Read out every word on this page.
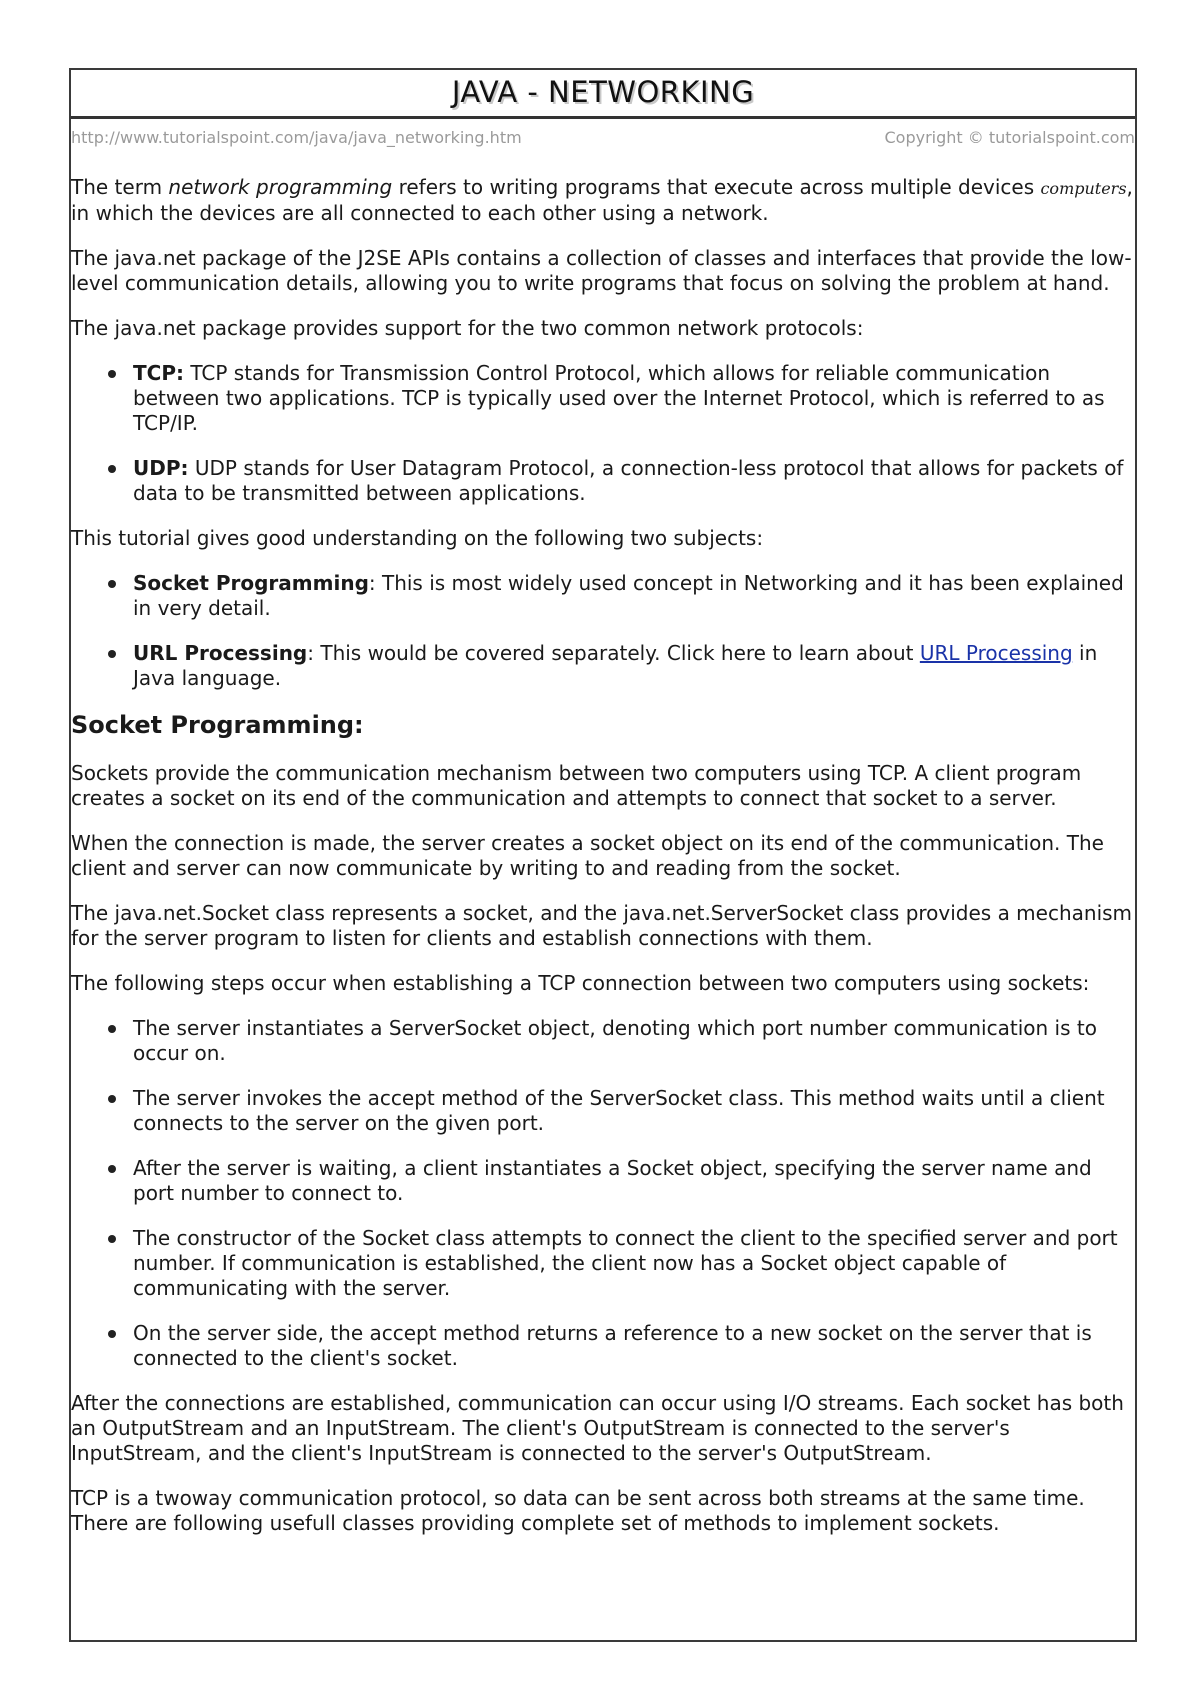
JAVA - NETWORKING
http://www.tutorialspoint.com/java/java_networking.htm	Copyright © tutorialspoint.com

The term network programming refers to writing programs that execute across multiple devices computers, in which the devices are all connected to each other using a network.

The java.net package of the J2SE APIs contains a collection of classes and interfaces that provide the low-level communication details, allowing you to write programs that focus on solving the problem at hand.

The java.net package provides support for the two common network protocols:

TCP: TCP stands for Transmission Control Protocol, which allows for reliable communication between two applications. TCP is typically used over the Internet Protocol, which is referred to as TCP/IP.
UDP: UDP stands for User Datagram Protocol, a connection-less protocol that allows for packets of data to be transmitted between applications.

This tutorial gives good understanding on the following two subjects:

Socket Programming: This is most widely used concept in Networking and it has been explained in very detail.
URL Processing: This would be covered separately. Click here to learn about URL Processing in Java language.
Socket Programming:

Sockets provide the communication mechanism between two computers using TCP. A client program creates a socket on its end of the communication and attempts to connect that socket to a server.

When the connection is made, the server creates a socket object on its end of the communication. The client and server can now communicate by writing to and reading from the socket.

The java.net.Socket class represents a socket, and the java.net.ServerSocket class provides a mechanism for the server program to listen for clients and establish connections with them.

The following steps occur when establishing a TCP connection between two computers using sockets:

The server instantiates a ServerSocket object, denoting which port number communication is to occur on.
The server invokes the accept method of the ServerSocket class. This method waits until a client connects to the server on the given port.
After the server is waiting, a client instantiates a Socket object, specifying the server name and port number to connect to.
The constructor of the Socket class attempts to connect the client to the specified server and port number. If communication is established, the client now has a Socket object capable of communicating with the server.
On the server side, the accept method returns a reference to a new socket on the server that is connected to the client's socket.

After the connections are established, communication can occur using I/O streams. Each socket has both an OutputStream and an InputStream. The client's OutputStream is connected to the server's InputStream, and the client's InputStream is connected to the server's OutputStream.

TCP is a twoway communication protocol, so data can be sent across both streams at the same time. There are following usefull classes providing complete set of methods to implement sockets.
